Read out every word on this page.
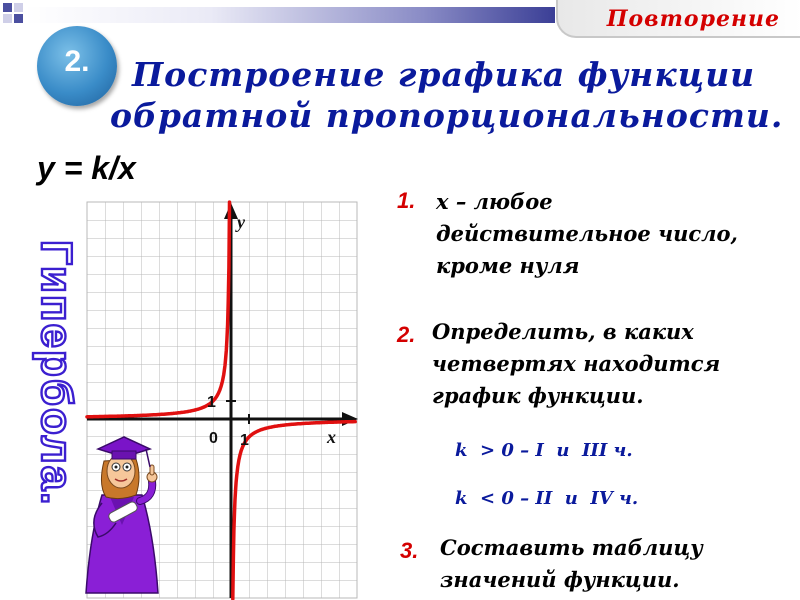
Повторение
2.	Построение графика функции
обратной пропорциональности.
y = k/x
Гипербола.
y
x
0 1
1
1. x – любое
действительное число,
кроме нуля
2. Определить, в каких
четвертях находится
график функции.
k  > 0 – I  и  III ч.
k  < 0 – II  и  IV ч.
3. Составить таблицу
значений функции.
